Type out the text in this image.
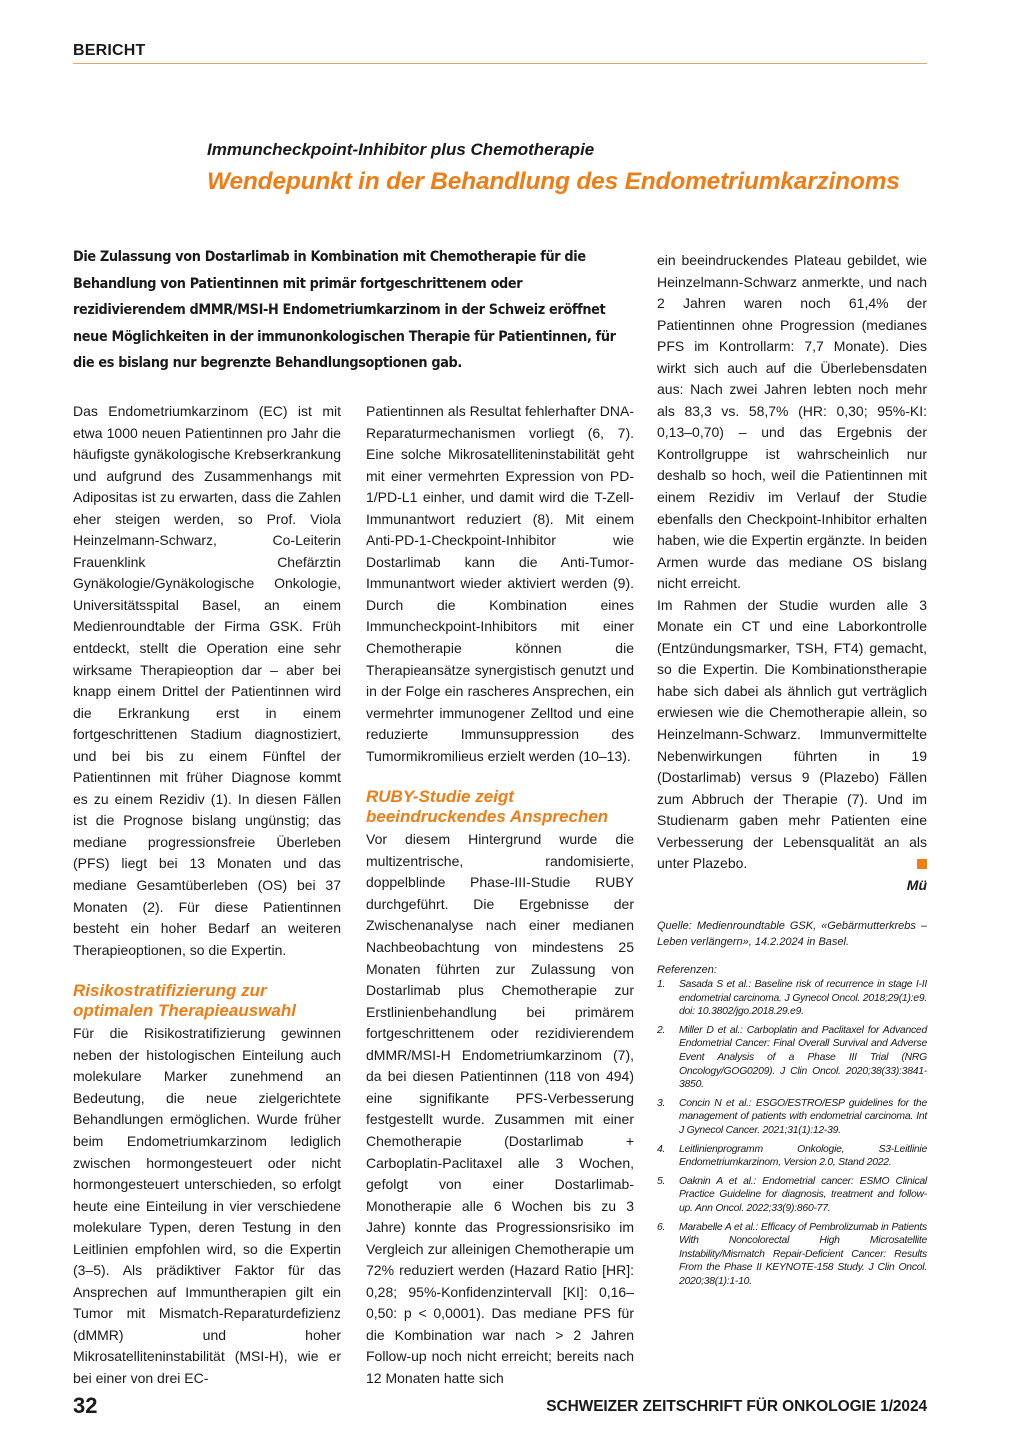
BERICHT
Immuncheckpoint-Inhibitor plus Chemotherapie
Wendepunkt in der Behandlung des Endometriumkarzinoms
Die Zulassung von Dostarlimab in Kombination mit Chemotherapie für die Behandlung von Patientinnen mit primär fortgeschrittenem oder rezidivierendem dMMR/MSI-H Endometriumkarzinom in der Schweiz eröffnet neue Möglichkeiten in der immunonkologischen Therapie für Patientinnen, für die es bislang nur begrenzte Behandlungsoptionen gab.

Das Endometriumkarzinom (EC) ist mit etwa 1000 neuen Patientinnen pro Jahr die häufigste gynäkologische Krebserkrankung und aufgrund des Zusammenhangs mit Adipositas ist zu erwarten, dass die Zahlen eher steigen werden, so Prof. Viola Heinzelmann-Schwarz, Co-Leiterin Frauenklink Chefärztin Gynäkologie/Gynäkologische Onkologie, Universitätsspital Basel, an einem Medienroundtable der Firma GSK. Früh entdeckt, stellt die Operation eine sehr wirksame Therapieoption dar – aber bei knapp einem Drittel der Patientinnen wird die Erkrankung erst in einem fortgeschrittenen Stadium diagnostiziert, und bei bis zu einem Fünftel der Patientinnen mit früher Diagnose kommt es zu einem Rezidiv (1). In diesen Fällen ist die Prognose bislang ungünstig; das mediane progressionsfreie Überleben (PFS) liegt bei 13 Monaten und das mediane Gesamtüberleben (OS) bei 37 Monaten (2). Für diese Patientinnen besteht ein hoher Bedarf an weiteren Therapieoptionen, so die Expertin.

Risikostratifizierung zur optimalen Therapieauswahl

Für die Risikostratifizierung gewinnen neben der histologischen Einteilung auch molekulare Marker zunehmend an Bedeutung, die neue zielgerichtete Behandlungen ermöglichen. Wurde früher beim Endometriumkarzinom lediglich zwischen hormongesteuert oder nicht hormongesteuert unterschieden, so erfolgt heute eine Einteilung in vier verschiedene molekulare Typen, deren Testung in den Leitlinien empfohlen wird, so die Expertin (3–5). Als prädiktiver Faktor für das Ansprechen auf Immuntherapien gilt ein Tumor mit Mismatch-Reparaturdefizienz (dMMR) und hoher Mikrosatelliteninstabilität (MSI-H), wie er bei einer von drei EC-

Patientinnen als Resultat fehlerhafter DNA-Reparaturmechanismen vorliegt (6, 7). Eine solche Mikrosatelliteninstabilität geht mit einer vermehrten Expression von PD-1/PD-L1 einher, und damit wird die T-Zell-Immunantwort reduziert (8). Mit einem Anti-PD-1-Checkpoint-Inhibitor wie Dostarlimab kann die Anti-Tumor-Immunantwort wieder aktiviert werden (9). Durch die Kombination eines Immuncheckpoint-Inhibitors mit einer Chemotherapie können die Therapieansätze synergistisch genutzt und in der Folge ein rascheres Ansprechen, ein vermehrter immunogener Zelltod und eine reduzierte Immunsuppression des Tumormikromilieus erzielt werden (10–13).

RUBY-Studie zeigt beeindruckendes Ansprechen

Vor diesem Hintergrund wurde die multizentrische, randomisierte, doppelblinde Phase-III-Studie RUBY durchgeführt. Die Ergebnisse der Zwischenanalyse nach einer medianen Nachbeobachtung von mindestens 25 Monaten führten zur Zulassung von Dostarlimab plus Chemotherapie zur Erstlinienbehandlung bei primärem fortgeschrittenem oder rezidivierendem dMMR/MSI-H Endometriumkarzinom (7), da bei diesen Patientinnen (118 von 494) eine signifikante PFS-Verbesserung festgestellt wurde. Zusammen mit einer Chemotherapie (Dostarlimab + Carboplatin-Paclitaxel alle 3 Wochen, gefolgt von einer Dostarlimab-Monotherapie alle 6 Wochen bis zu 3 Jahre) konnte das Progressionsrisiko im Vergleich zur alleinigen Chemotherapie um 72% reduziert werden (Hazard Ratio [HR]: 0,28; 95%-Konfidenzintervall [KI]: 0,16–0,50: p < 0,0001). Das mediane PFS für die Kombination war nach > 2 Jahren Follow-up noch nicht erreicht; bereits nach 12 Monaten hatte sich

ein beeindruckendes Plateau gebildet, wie Heinzelmann-Schwarz anmerkte, und nach 2 Jahren waren noch 61,4% der Patientinnen ohne Progression (medianes PFS im Kontrollarm: 7,7 Monate). Dies wirkt sich auch auf die Überlebensdaten aus: Nach zwei Jahren lebten noch mehr als 83,3 vs. 58,7% (HR: 0,30; 95%-KI: 0,13–0,70) – und das Ergebnis der Kontrollgruppe ist wahrscheinlich nur deshalb so hoch, weil die Patientinnen mit einem Rezidiv im Verlauf der Studie ebenfalls den Checkpoint-Inhibitor erhalten haben, wie die Expertin ergänzte. In beiden Armen wurde das mediane OS bislang nicht erreicht.

Im Rahmen der Studie wurden alle 3 Monate ein CT und eine Laborkontrolle (Entzündungsmarker, TSH, FT4) gemacht, so die Expertin. Die Kombinationstherapie habe sich dabei als ähnlich gut verträglich erwiesen wie die Chemotherapie allein, so Heinzelmann-Schwarz. Immunvermittelte Nebenwirkungen führten in 19 (Dostarlimab) versus 9 (Plazebo) Fällen zum Abbruch der Therapie (7). Und im Studienarm gaben mehr Patienten eine Verbesserung der Lebensqualität an als unter Plazebo.

Mü
Quelle: Medienroundtable GSK, «Gebärmutterkrebs – Leben verlängern», 14.2.2024 in Basel.
Referenzen:
1.	Sasada S et al.: Baseline risk of recurrence in stage I-II endometrial carcinoma. J Gynecol Oncol. 2018;29(1):e9. doi: 10.3802/jgo.2018.29.e9.
2.	Miller D et al.: Carboplatin and Paclitaxel for Advanced Endometrial Cancer: Final Overall Survival and Adverse Event Analysis of a Phase III Trial (NRG Oncology/GOG0209). J Clin Oncol. 2020;38(33):3841-3850.
3.	Concin N et al.: ESGO/ESTRO/ESP guidelines for the management of patients with endometrial carcinoma. Int J Gynecol Cancer. 2021;31(1):12-39.
4.	Leitlinienprogramm Onkologie, S3-Leitlinie Endometriumkarzinom, Version 2.0, Stand 2022.
5.	Oaknin A et al.: Endometrial cancer: ESMO Clinical Practice Guideline for diagnosis, treatment and follow-up. Ann Oncol. 2022;33(9):860-77.
6.	Marabelle A et al.: Efficacy of Pembrolizumab in Patients With Noncolorectal High Microsatellite Instability/Mismatch Repair-Deficient Cancer: Results From the Phase II KEYNOTE-158 Study. J Clin Oncol. 2020;38(1):1-10.
32	SCHWEIZER ZEITSCHRIFT FÜR ONKOLOGIE 1/2024
